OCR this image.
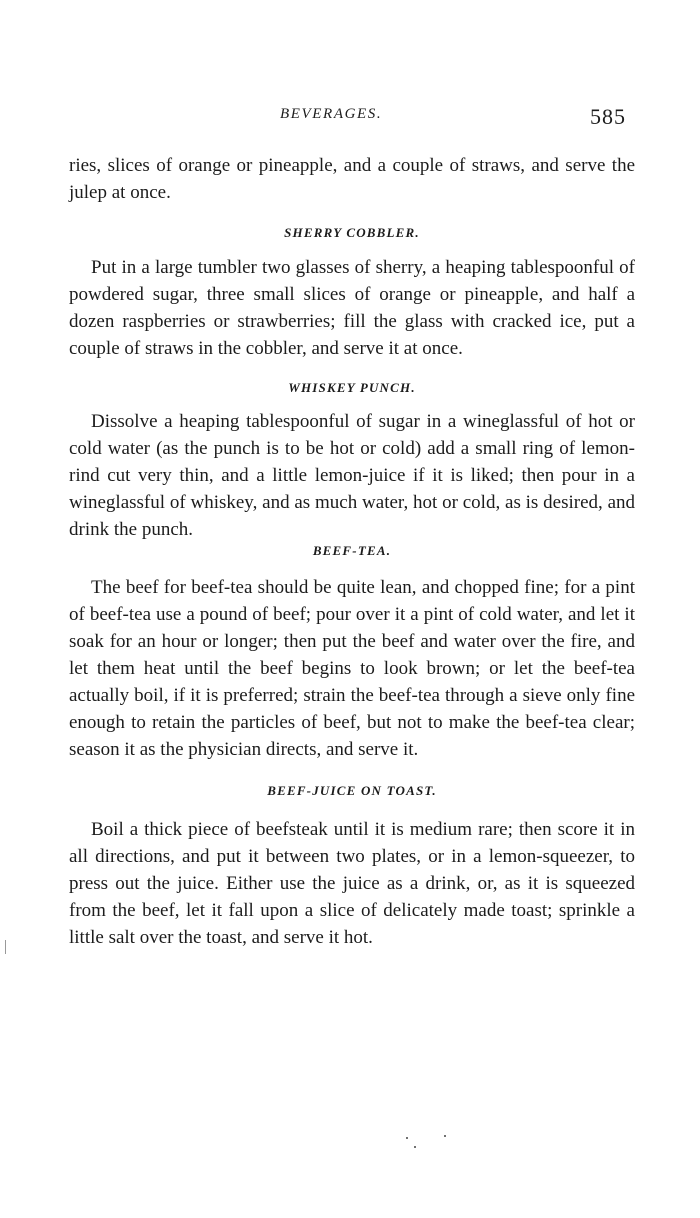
BEVERAGES.	585

ries, slices of orange or pineapple, and a couple of straws, and serve the julep at once.

SHERRY COBBLER.

Put in a large tumbler two glasses of sherry, a heaping tablespoonful of powdered sugar, three small slices of orange or pineapple, and half a dozen raspberries or strawberries; fill the glass with cracked ice, put a couple of straws in the cobbler, and serve it at once.

WHISKEY PUNCH.

Dissolve a heaping tablespoonful of sugar in a wineglassful of hot or cold water (as the punch is to be hot or cold) add a small ring of lemon-rind cut very thin, and a little lemon-juice if it is liked; then pour in a wineglassful of whiskey, and as much water, hot or cold, as is desired, and drink the punch.

BEEF-TEA.

The beef for beef-tea should be quite lean, and chopped fine; for a pint of beef-tea use a pound of beef; pour over it a pint of cold water, and let it soak for an hour or longer; then put the beef and water over the fire, and let them heat until the beef begins to look brown; or let the beef-tea actually boil, if it is preferred; strain the beef-tea through a sieve only fine enough to retain the particles of beef, but not to make the beef-tea clear; season it as the physician directs, and serve it.

BEEF-JUICE ON TOAST.

Boil a thick piece of beefsteak until it is medium rare; then score it in all directions, and put it between two plates, or in a lemon-squeezer, to press out the juice. Either use the juice as a drink, or, as it is squeezed from the beef, let it fall upon a slice of delicately made toast; sprinkle a little salt over the toast, and serve it hot.
